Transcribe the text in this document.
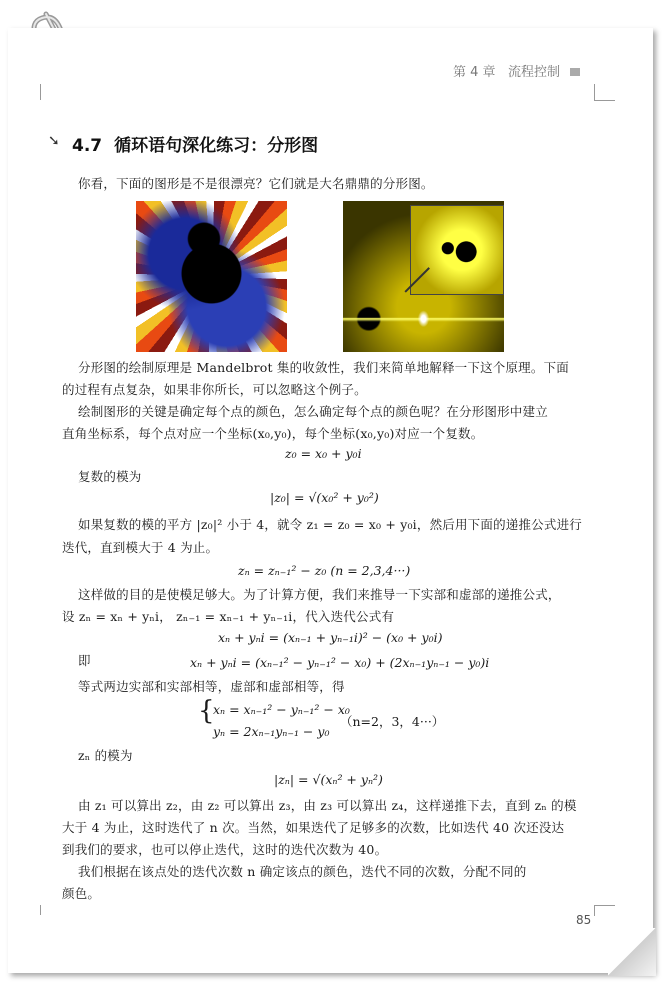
第 4 章 流程控制
➘ 4.7 循环语句深化练习：分形图
你看，下面的图形是不是很漂亮？它们就是大名鼎鼎的分形图。
分形图的绘制原理是 Mandelbrot 集的收敛性，我们来简单地解释一下这个原理。下面
的过程有点复杂，如果非你所长，可以忽略这个例子。
绘制图形的关键是确定每个点的颜色，怎么确定每个点的颜色呢？在分形图形中建立
直角坐标系，每个点对应一个坐标(x₀,y₀)，每个坐标(x₀,y₀)对应一个复数。
z₀ = x₀ + y₀i
复数的模为
|z₀| = √(x₀² + y₀²)
如果复数的模的平方 |z₀|² 小于 4，就令 z₁ = z₀ = x₀ + y₀i，然后用下面的递推公式进行
迭代，直到模大于 4 为止。
zₙ = zₙ₋₁² − z₀ (n = 2,3,4···)
这样做的目的是使模足够大。为了计算方便，我们来推导一下实部和虚部的递推公式，
设 zₙ = xₙ + yₙi， zₙ₋₁ = xₙ₋₁ + yₙ₋₁i，代入迭代公式有
xₙ + yₙi = (xₙ₋₁ + yₙ₋₁i)² − (x₀ + y₀i)
即	xₙ + yₙi = (xₙ₋₁² − yₙ₋₁² − x₀) + (2xₙ₋₁yₙ₋₁ − y₀)i
等式两边实部和实部相等，虚部和虚部相等，得
{
xₙ = xₙ₋₁² − yₙ₋₁² − x₀
yₙ = 2xₙ₋₁yₙ₋₁ − y₀
（n=2，3，4···）
zₙ 的模为
|zₙ| = √(xₙ² + yₙ²)
由 z₁ 可以算出 z₂，由 z₂ 可以算出 z₃，由 z₃ 可以算出 z₄，这样递推下去，直到 zₙ 的模
大于 4 为止，这时迭代了 n 次。当然，如果迭代了足够多的次数，比如迭代 40 次还没达
到我们的要求，也可以停止迭代，这时的迭代次数为 40。
我们根据在该点处的迭代次数 n 确定该点的颜色，迭代不同的次数，分配不同的
颜色。
85
